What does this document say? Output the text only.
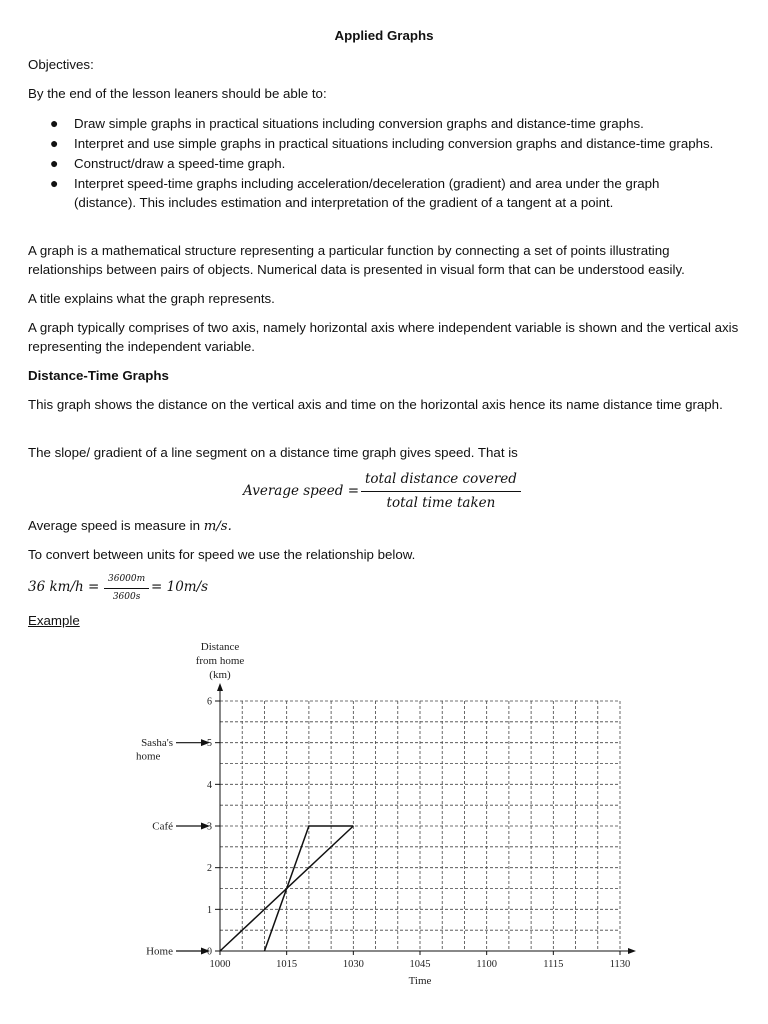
Applied Graphs
Objectives:
By the end of the lesson leaners should be able to:
● Draw simple graphs in practical situations including conversion graphs and distance-time graphs.
● Interpret and use simple graphs in practical situations including conversion graphs and distance-time graphs.
● Construct/draw a speed-time graph.
● Interpret speed-time graphs including acceleration/deceleration (gradient) and area under the graph (distance). This includes estimation and interpretation of the gradient of a tangent at a point.
A graph is a mathematical structure representing a particular function by connecting a set of points illustrating relationships between pairs of objects. Numerical data is presented in visual form that can be understood easily.
A title explains what the graph represents.
A graph typically comprises of two axis, namely horizontal axis where independent variable is shown and the vertical axis representing the independent variable.
Distance-Time Graphs
This graph shows the distance on the vertical axis and time on the horizontal axis hence its name distance time graph.
The slope/ gradient of a line segment on a distance time graph gives speed. That is
Average speed =
total distance covered
total time taken
Average speed is measure in m/s.
To convert between units for speed we use the relationship below.
36 $km/h = \frac{36000m}{3600s} = 10m/s$
Example
0
1
2
3
4
5
6
1000	1015	1030	1045	1100	1115	1130
Distance
from home
(km)
Time
Sasha's
home
Café
Home
